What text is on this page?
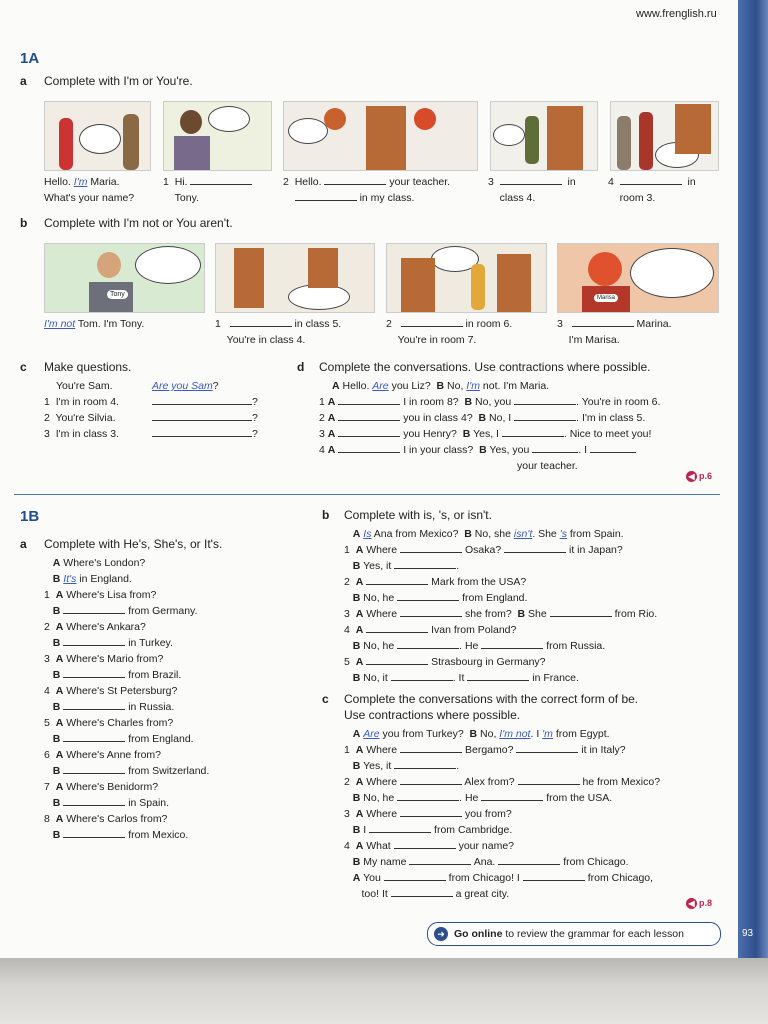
93
www.frenglish.ru
1A
a Complete with I'm or You're.
Hello. I'm Maria.
What's your name?
1 Hi.
Tony.
2 Hello.	your teacher.
in my class.
3	in
class 4.
4	in
room 3.
b Complete with I'm not or You aren't.
Tony	Marisa
I'm not Tom. I'm Tony.	1	in class 5.
You're in class 4.
2	in room 6.
You're in room 7.
3	Marina.
I'm Marisa.
c Make questions.
You're Sam.	Are you Sam?
1 I'm in room 4.	?
2 You're Silvia.	?
3 I'm in class 3.	?
d Complete the conversations. Use contractions where possible.
A Hello. Are you Liz? B No, I'm not. I'm Maria.
1 A	I in room 8? B No, you	. You're in room 6.
2 A	you in class 4? B No, I	. I'm in class 5.
3 A	you Henry? B Yes, I	. Nice to meet you!
4 A	I in your class? B Yes, you	. I
your teacher.
◀ p.6
1B
a Complete with He's, She's, or It's.
A Where's London?
B It's in England.
1 A Where's Lisa from?
B	from Germany.
2 A Where's Ankara?
B	in Turkey.
3 A Where's Mario from?
B	from Brazil.
4 A Where's St Petersburg?
B	in Russia.
5 A Where's Charles from?
B	from England.
6 A Where's Anne from?
B	from Switzerland.
7 A Where's Benidorm?
B	in Spain.
8 A Where's Carlos from?
B	from Mexico.
b Complete with is, 's, or isn't.
A Is Ana from Mexico? B No, she isn't. She 's from Spain.
1 A Where	Osaka?	it in Japan?
B Yes, it	.
2 A	Mark from the USA?
B No, he	from England.
3 A Where	she from? B She	from Rio.
4 A	Ivan from Poland?
B No, he	. He	from Russia.
5 A	Strasbourg in Germany?
B No, it	. It	in France.
c Complete the conversations with the correct form of be.
Use contractions where possible.
A Are you from Turkey? B No, I'm not. I 'm from Egypt.
1 A Where	Bergamo?	it in Italy?
B Yes, it	.
2 A Where	Alex from?	he from Mexico?
B No, he	. He	from the USA.
3 A Where	you from?
B I	from Cambridge.
4 A What	your name?
B My name	Ana.	from Chicago.
A You	from Chicago! I	from Chicago,
too! It	a great city.
◀ p.8
➜ Go online to review the grammar for each lesson
